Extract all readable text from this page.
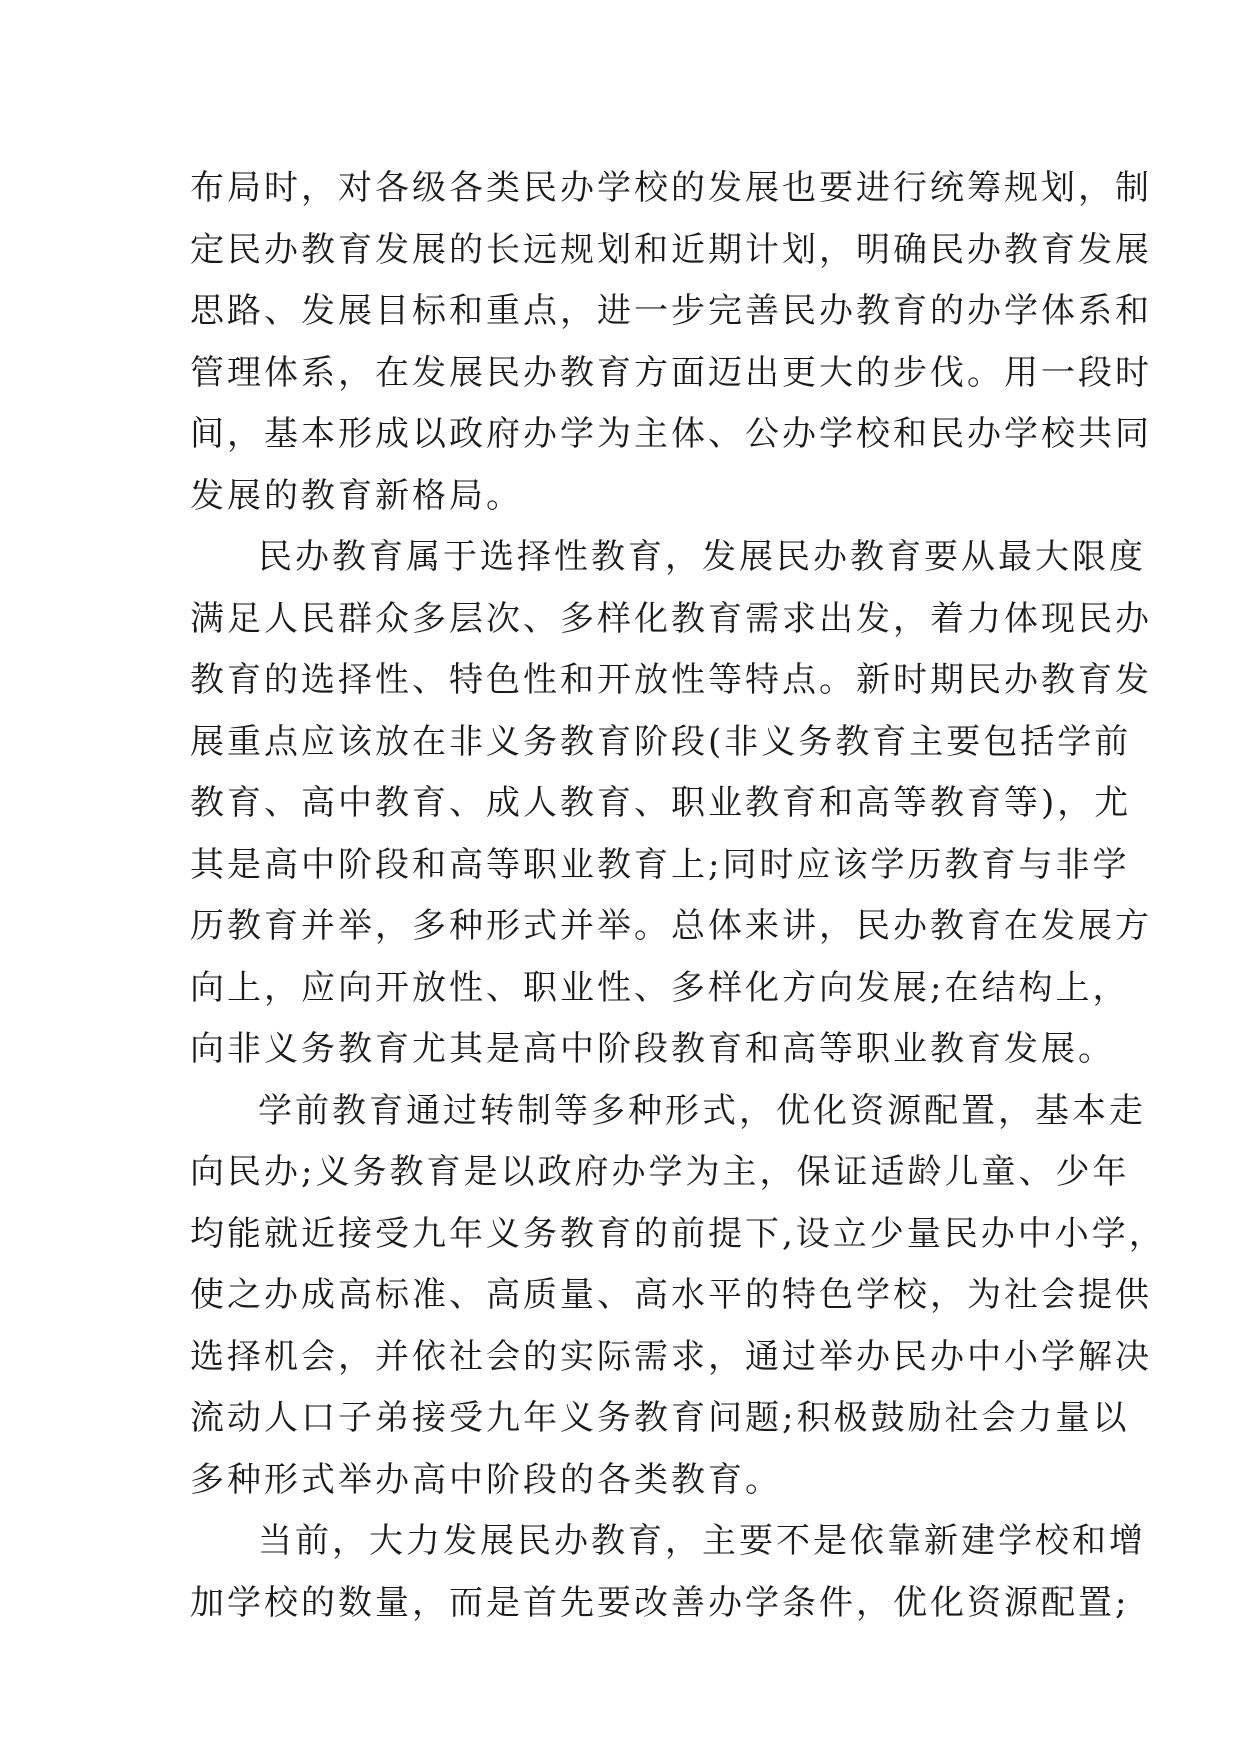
布局时，对各级各类民办学校的发展也要进行统筹规划，制
定民办教育发展的长远规划和近期计划，明确民办教育发展
思路、发展目标和重点，进一步完善民办教育的办学体系和
管理体系，在发展民办教育方面迈出更大的步伐。用一段时
间，基本形成以政府办学为主体、公办学校和民办学校共同
发展的教育新格局。
民办教育属于选择性教育，发展民办教育要从最大限度
满足人民群众多层次、多样化教育需求出发，着力体现民办
教育的选择性、特色性和开放性等特点。新时期民办教育发
展重点应该放在非义务教育阶段(非义务教育主要包括学前
教育、高中教育、成人教育、职业教育和高等教育等)，尤
其是高中阶段和高等职业教育上;同时应该学历教育与非学
历教育并举，多种形式并举。总体来讲，民办教育在发展方
向上，应向开放性、职业性、多样化方向发展;在结构上，
向非义务教育尤其是高中阶段教育和高等职业教育发展。
学前教育通过转制等多种形式，优化资源配置，基本走
向民办;义务教育是以政府办学为主，保证适龄儿童、少年
均能就近接受九年义务教育的前提下,设立少量民办中小学，
使之办成高标准、高质量、高水平的特色学校，为社会提供
选择机会，并依社会的实际需求，通过举办民办中小学解决
流动人口子弟接受九年义务教育问题;积极鼓励社会力量以
多种形式举办高中阶段的各类教育。
当前，大力发展民办教育，主要不是依靠新建学校和增
加学校的数量，而是首先要改善办学条件，优化资源配置;
